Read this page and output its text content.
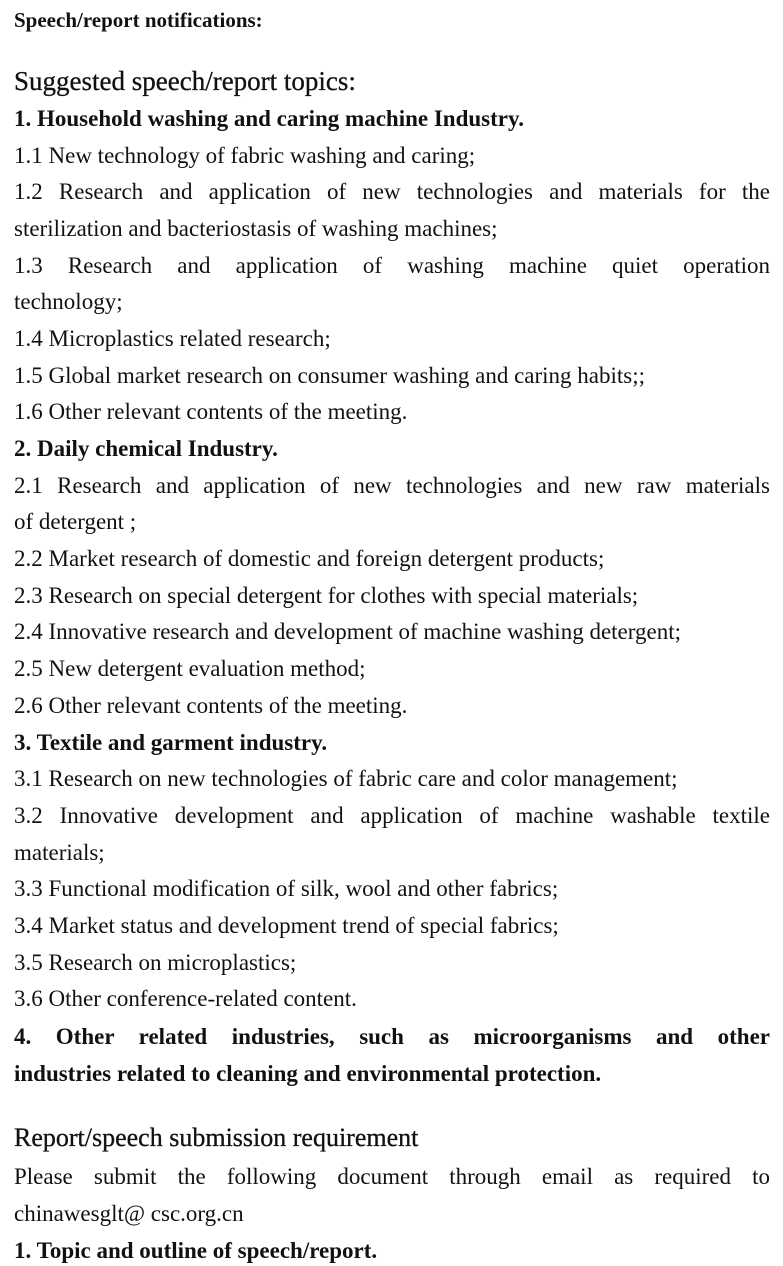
Speech/report notifications:
Suggested speech/report topics:
1. Household washing and caring machine Industry.
1.1 New technology of fabric washing and caring;
1.2 Research and application of new technologies and materials for the
sterilization and bacteriostasis of washing machines;
1.3 Research and application of washing machine quiet operation
technology;
1.4 Microplastics related research;
1.5 Global market research on consumer washing and caring habits;;
1.6 Other relevant contents of the meeting.
2. Daily chemical Industry.
2.1 Research and application of new technologies and new raw materials
of detergent ;
2.2 Market research of domestic and foreign detergent products;
2.3 Research on special detergent for clothes with special materials;
2.4 Innovative research and development of machine washing detergent;
2.5 New detergent evaluation method;
2.6 Other relevant contents of the meeting.
3. Textile and garment industry.
3.1 Research on new technologies of fabric care and color management;
3.2 Innovative development and application of machine washable textile
materials;
3.3 Functional modification of silk, wool and other fabrics;
3.4 Market status and development trend of special fabrics;
3.5 Research on microplastics;
3.6 Other conference-related content.
4. Other related industries, such as microorganisms and other
industries related to cleaning and environmental protection.
Report/speech submission requirement
Please submit the following document through email as required to
chinawesglt@ csc.org.cn
1. Topic and outline of speech/report.
